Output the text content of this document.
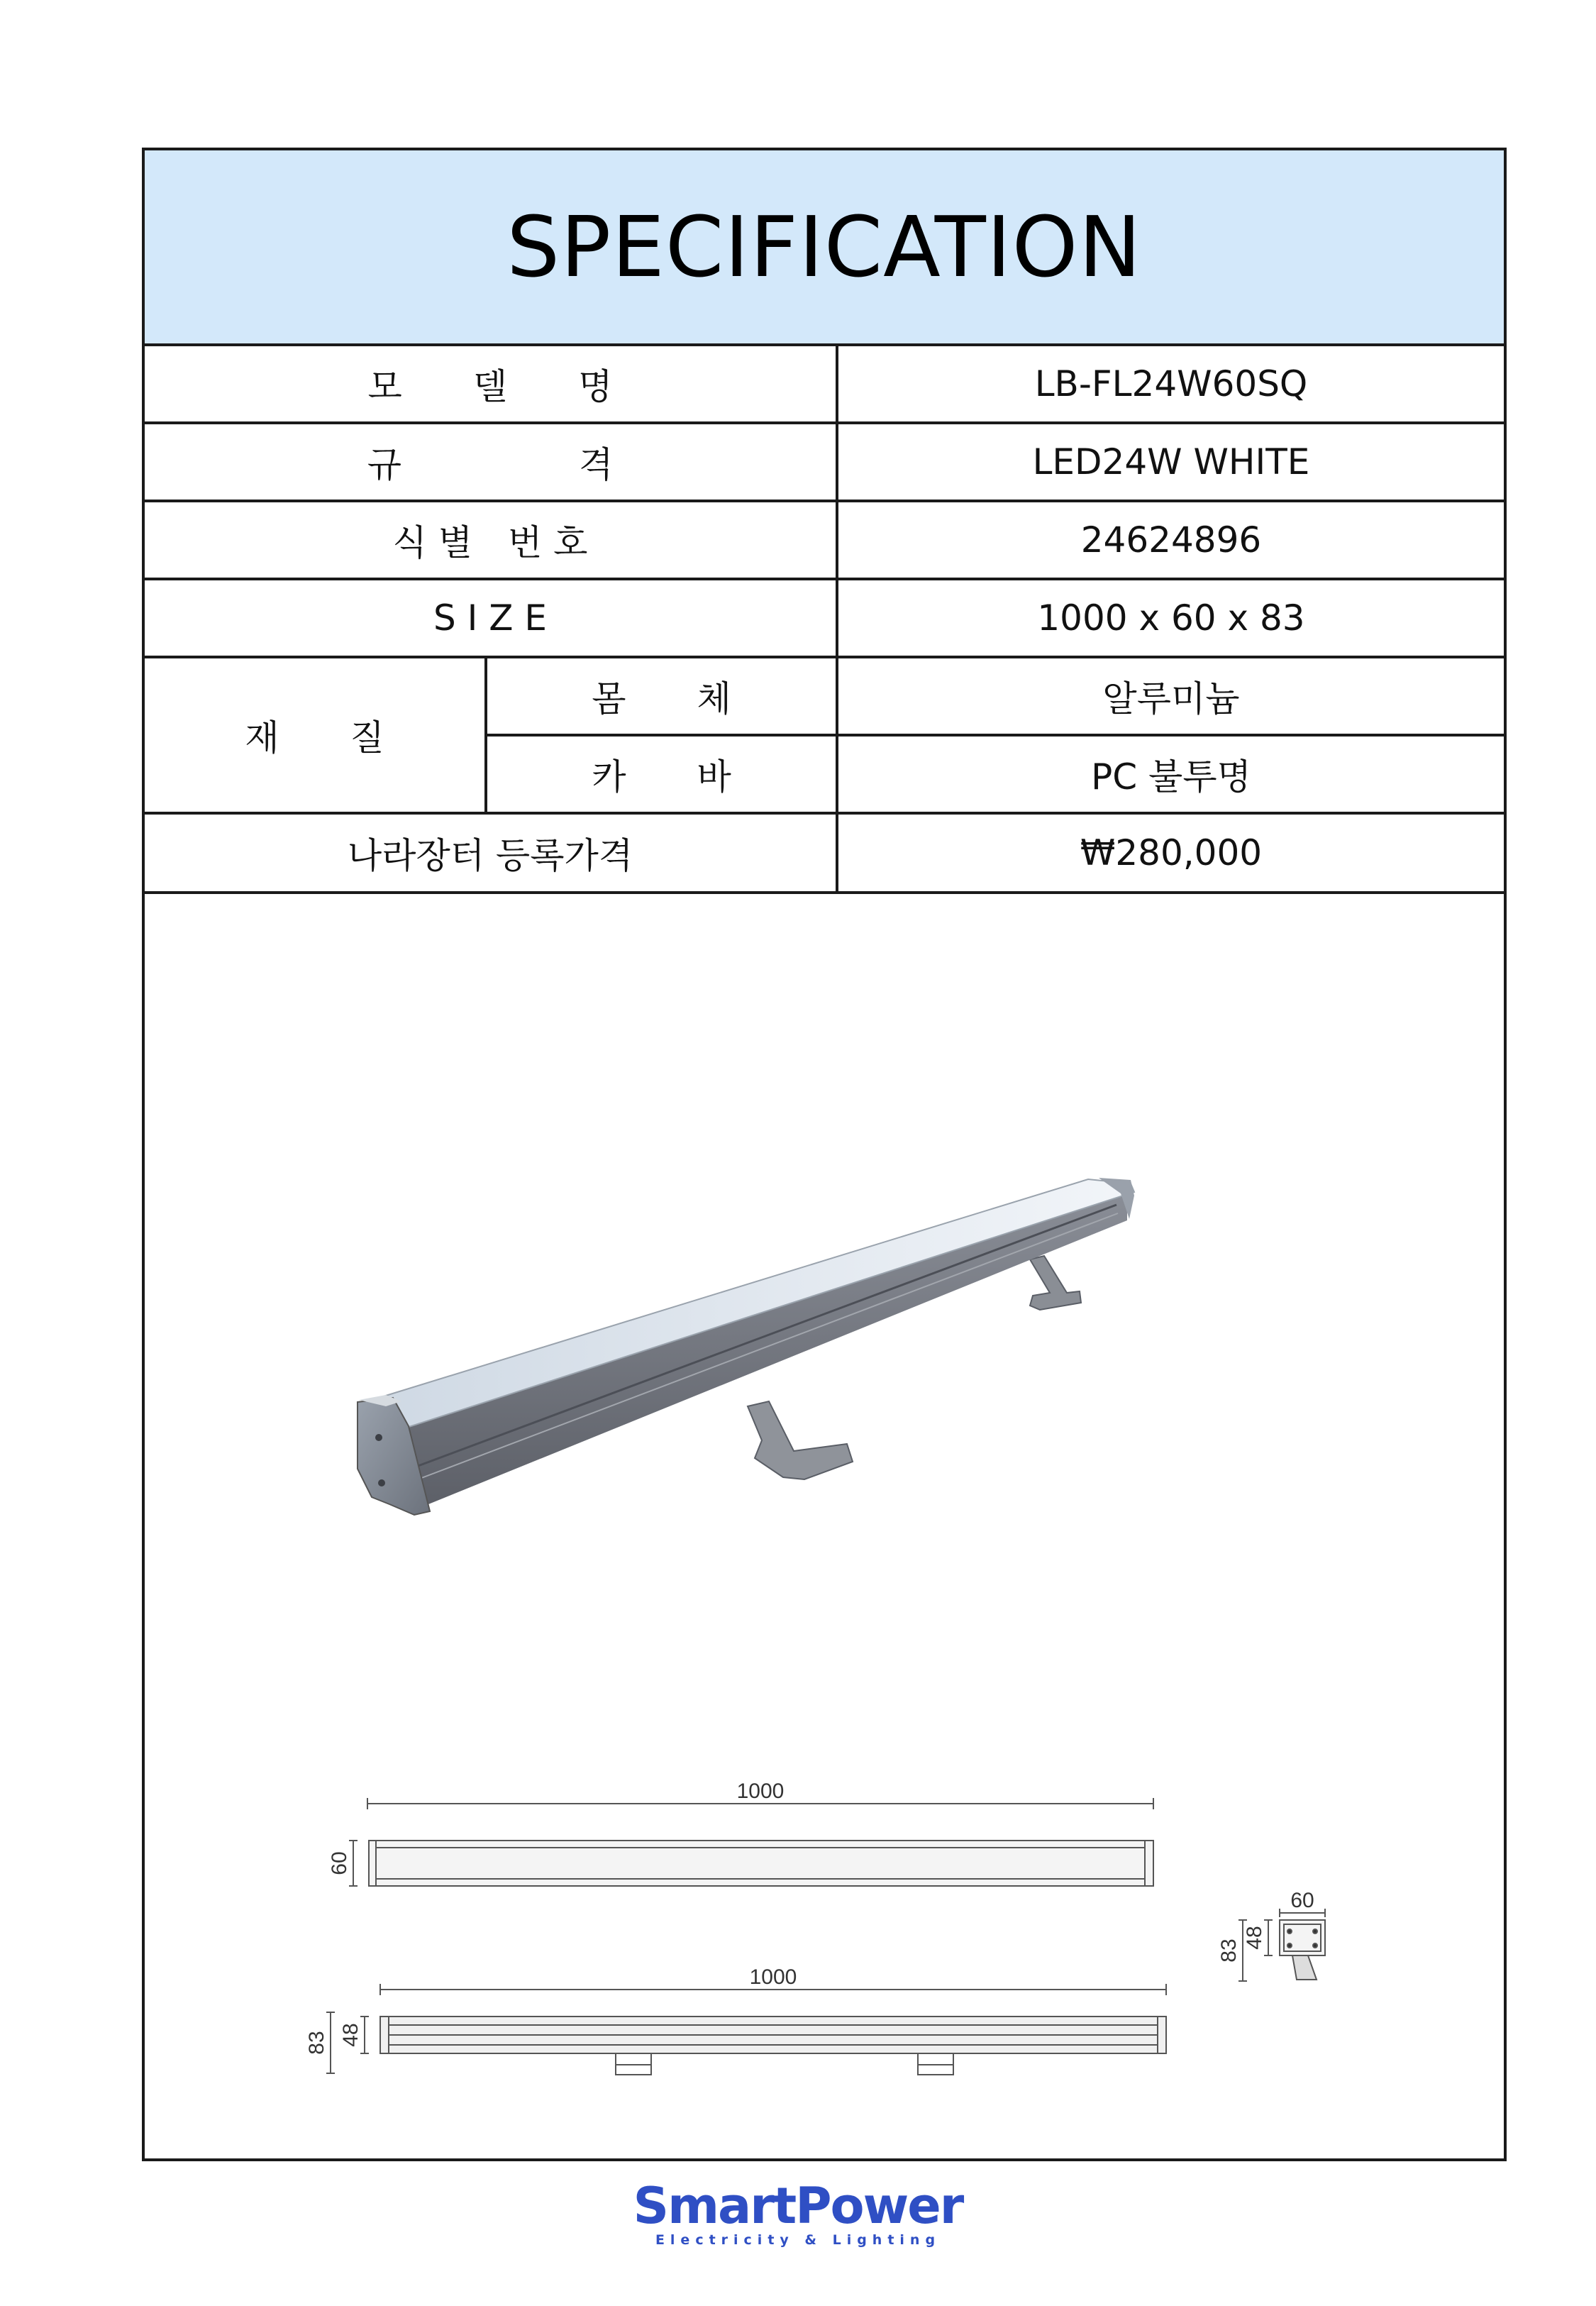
SPECIFICATION
모　　델　　명	LB-FL24W60SQ
규　　　　　격	LED24W WHITE
식 별　번 호	24624896
S I Z E	1000 x 60 x 83
재　　질
몸　　체	알루미늄
카　　바	PC 불투명
나라장터 등록가격	₩280,000
1000
60
1000
83 48
60
83
48
SmartPower
Electricity & Lighting
